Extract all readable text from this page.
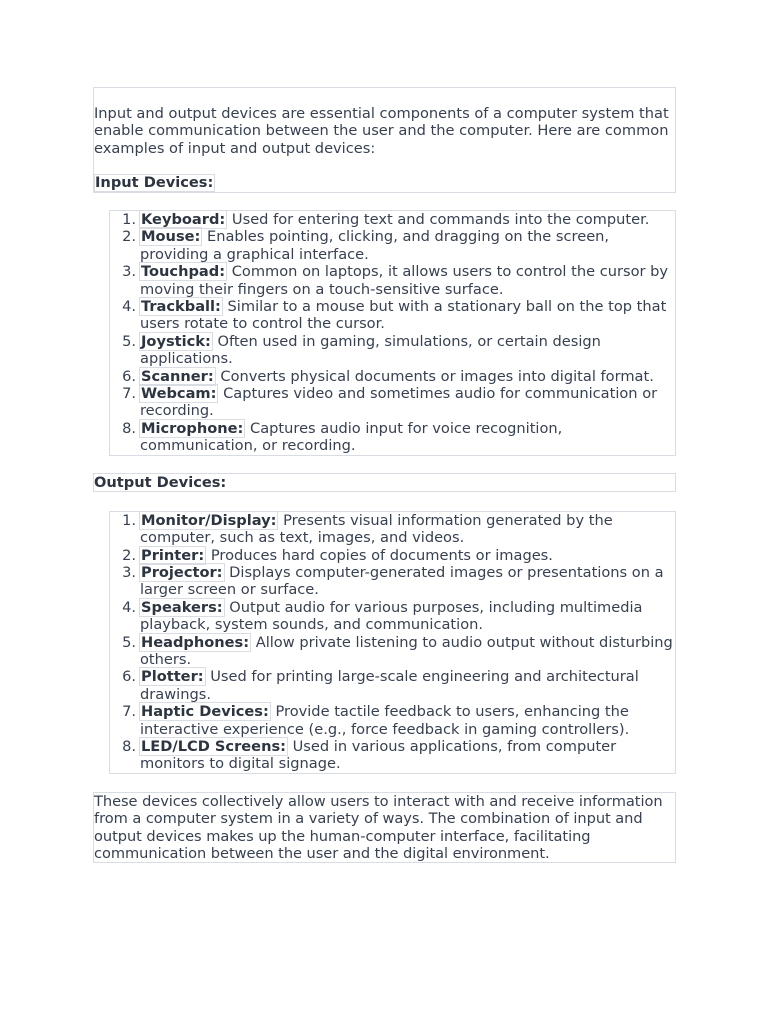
Input and output devices are essential components of a computer system that enable communication between the user and the computer. Here are common examples of input and output devices:

Input Devices:
1. Keyboard: Used for entering text and commands into the computer.
2. Mouse: Enables pointing, clicking, and dragging on the screen, providing a graphical interface.
3. Touchpad: Common on laptops, it allows users to control the cursor by moving their fingers on a touch-sensitive surface.
4. Trackball: Similar to a mouse but with a stationary ball on the top that users rotate to control the cursor.
5. Joystick: Often used in gaming, simulations, or certain design applications.
6. Scanner: Converts physical documents or images into digital format.
7. Webcam: Captures video and sometimes audio for communication or recording.
8. Microphone: Captures audio input for voice recognition, communication, or recording.
Output Devices:
1. Monitor/Display: Presents visual information generated by the computer, such as text, images, and videos.
2. Printer: Produces hard copies of documents or images.
3. Projector: Displays computer-generated images or presentations on a larger screen or surface.
4. Speakers: Output audio for various purposes, including multimedia playback, system sounds, and communication.
5. Headphones: Allow private listening to audio output without disturbing others.
6. Plotter: Used for printing large-scale engineering and architectural drawings.
7. Haptic Devices: Provide tactile feedback to users, enhancing the interactive experience (e.g., force feedback in gaming controllers).
8. LED/LCD Screens: Used in various applications, from computer monitors to digital signage.

These devices collectively allow users to interact with and receive information from a computer system in a variety of ways. The combination of input and output devices makes up the human-computer interface, facilitating communication between the user and the digital environment.
